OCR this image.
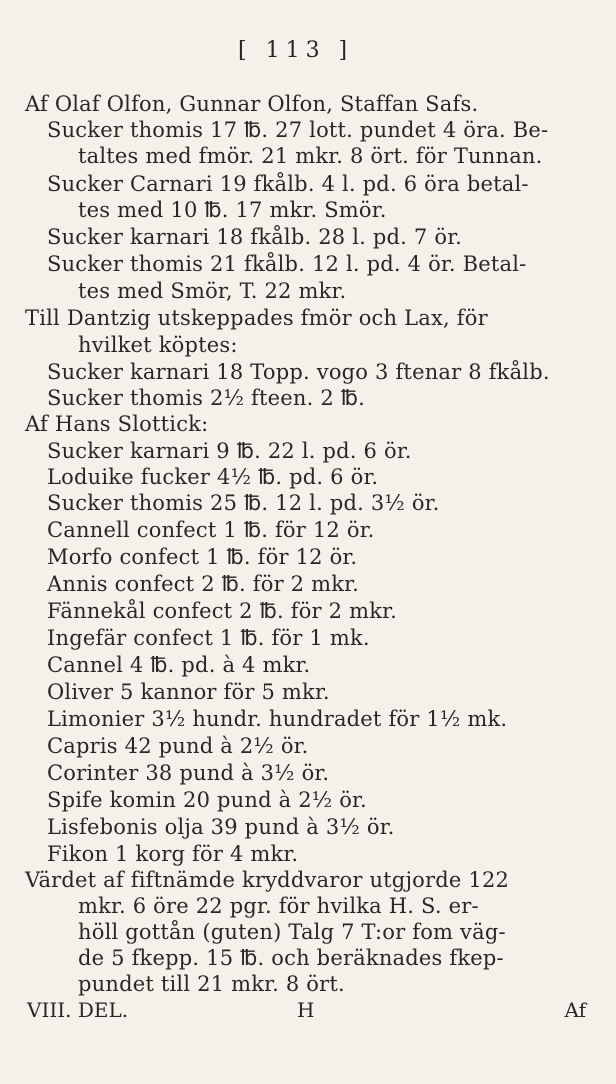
[ 113 ]
Af Olaf Olfon, Gunnar Olfon, Staffan Safs.
Sucker thomis 17 ℔. 27 lott. pundet 4 öra. Be-
taltes med fmör. 21 mkr. 8 ört. för Tunnan.
Sucker Carnari 19 fkålb. 4 l. pd. 6 öra betal-
tes med 10 ℔. 17 mkr. Smör.
Sucker karnari 18 fkålb. 28 l. pd. 7 ör.
Sucker thomis 21 fkålb. 12 l. pd. 4 ör. Betal-
tes med Smör, T. 22 mkr.
Till Dantzig utskeppades fmör och Lax, för
hvilket köptes:
Sucker karnari 18 Topp. vogo 3 ftenar 8 fkålb.
Sucker thomis 2½ fteen. 2 ℔.
Af Hans Slottick:
Sucker karnari 9 ℔. 22 l. pd. 6 ör.
Loduike fucker 4½ ℔. pd. 6 ör.
Sucker thomis 25 ℔. 12 l. pd. 3½ ör.
Cannell confect 1 ℔. för 12 ör.
Morfo confect 1 ℔. för 12 ör.
Annis confect 2 ℔. för 2 mkr.
Fännekål confect 2 ℔. för 2 mkr.
Ingefär confect 1 ℔. för 1 mk.
Cannel 4 ℔. pd. à 4 mkr.
Oliver 5 kannor för 5 mkr.
Limonier 3½ hundr. hundradet för 1½ mk.
Capris 42 pund à 2½ ör.
Corinter 38 pund à 3½ ör.
Spife komin 20 pund à 2½ ör.
Lisfebonis olja 39 pund à 3½ ör.
Fikon 1 korg för 4 mkr.
Värdet af fiftnämde kryddvaror utgjorde 122
mkr. 6 öre 22 pgr. för hvilka H. S. er-
höll gottån (guten) Talg 7 T:or fom väg-
de 5 fkepp. 15 ℔. och beräknades fkep-
pundet till 21 mkr. 8 ört.
VIII. DEL.	H	Af
